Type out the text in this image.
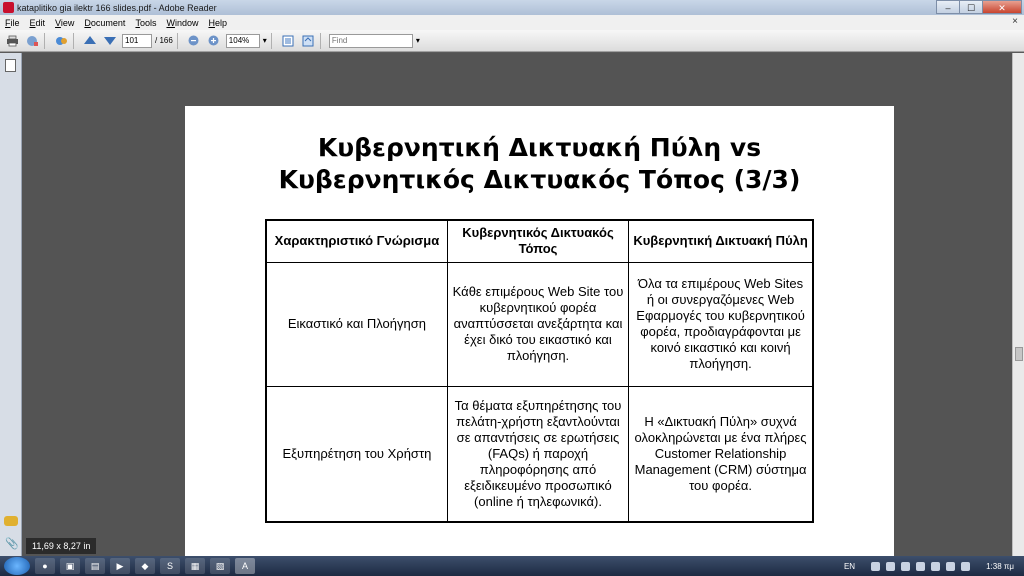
kataplitiko gia ilektr 166 slides.pdf - Adobe Reader	‒	☐	✕
File	Edit	View	Document	Tools	Window	Help	×
101	/ 166	104%	▾	Find	▾
📎
Κυβερνητική Δικτυακή Πύλη vs
Κυβερνητικός Δικτυακός Τόπος (3/3)
Χαρακτηριστικό Γνώρισμα	Κυβερνητικός Δικτυακός Τόπος	Κυβερνητική Δικτυακή Πύλη
Εικαστικό και Πλοήγηση	Κάθε επιμέρους Web Site του κυβερνητικού φορέα αναπτύσσεται ανεξάρτητα και έχει δικό του εικαστικό και πλοήγηση.	Όλα τα επιμέρους Web Sites ή οι συνεργαζόμενες Web Εφαρμογές του κυβερνητικού φορέα, προδιαγράφονται με κοινό εικαστικό και κοινή πλοήγηση.
Εξυπηρέτηση του Χρήστη	Τα θέματα εξυπηρέτησης του πελάτη-χρήστη εξαντλούνται σε απαντήσεις σε ερωτήσεις (FAQs) ή παροχή πληροφόρησης από εξειδικευμένο προσωπικό (online ή τηλεφωνικά).	Η «Δικτυακή Πύλη» συχνά ολοκληρώνεται με ένα πλήρες Customer Relationship Management (CRM) σύστημα του φορέα.
11,69 x 8,27 in
●	▣	▤	▶	◆	S	▦	▧	A	EN	1:38 πμ
